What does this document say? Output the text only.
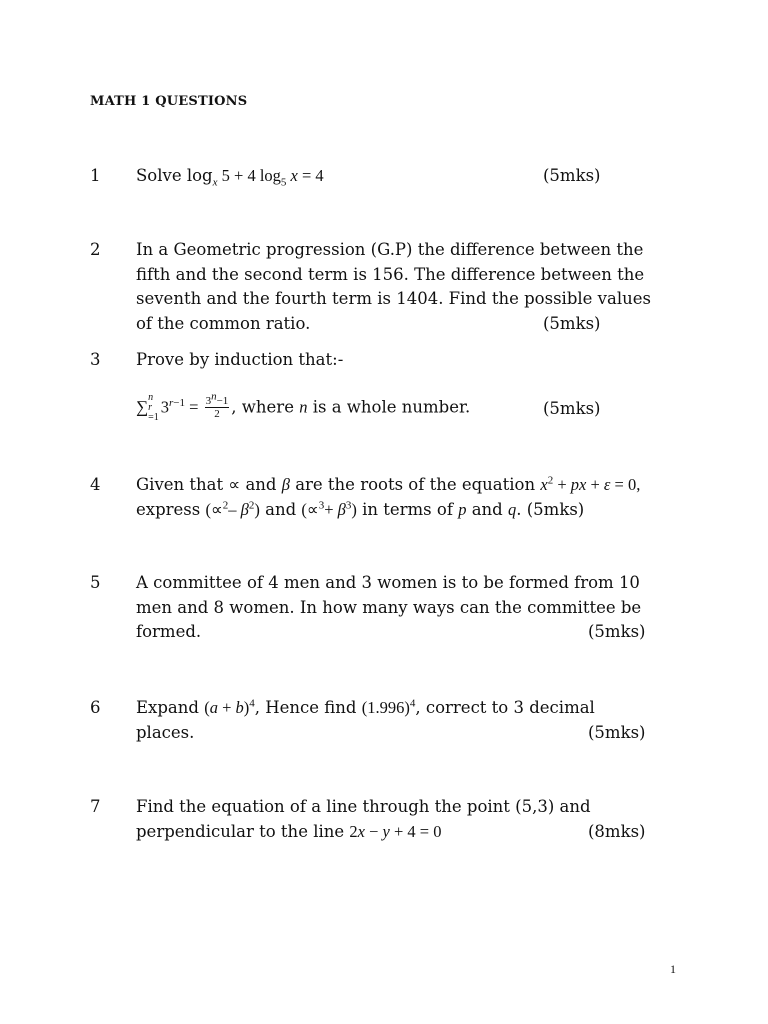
MATH 1 QUESTIONS
1 Solve $\log_x 5 + 4$ $\log_5 x = 4$	(5mks)
2 In a Geometric progression (G.P) the difference between the
fifth and the second term is 156. The difference between the
seventh and the fourth term is 1404. Find the possible values
of the common ratio.	(5mks)
3 Prove by induction that:-
∑ n
r
=1
$3^{r-1} = \frac{3^n-1}{2}$ , where n is a whole number.	(5mks)
4 Given that ∝ and β are the roots of the equation $x^2$ + px + ε = 0,
express (∝$^2$– $\beta^2$) and $(\propto^3+ \beta^3)$ in terms of p and q. (5mks)
5 A committee of 4 men and 3 women is to be formed from 10
men and 8 women. In how many ways can the committee be
formed.	(5mks)
6 Expand $(a + b)^4$, Hence find $(1.996)^4$, correct to 3 decimal
places.	(5mks)
7 Find the equation of a line through the point (5,3) and
perpendicular to the line 2x − y + 4 = 0	(8mks)
1
